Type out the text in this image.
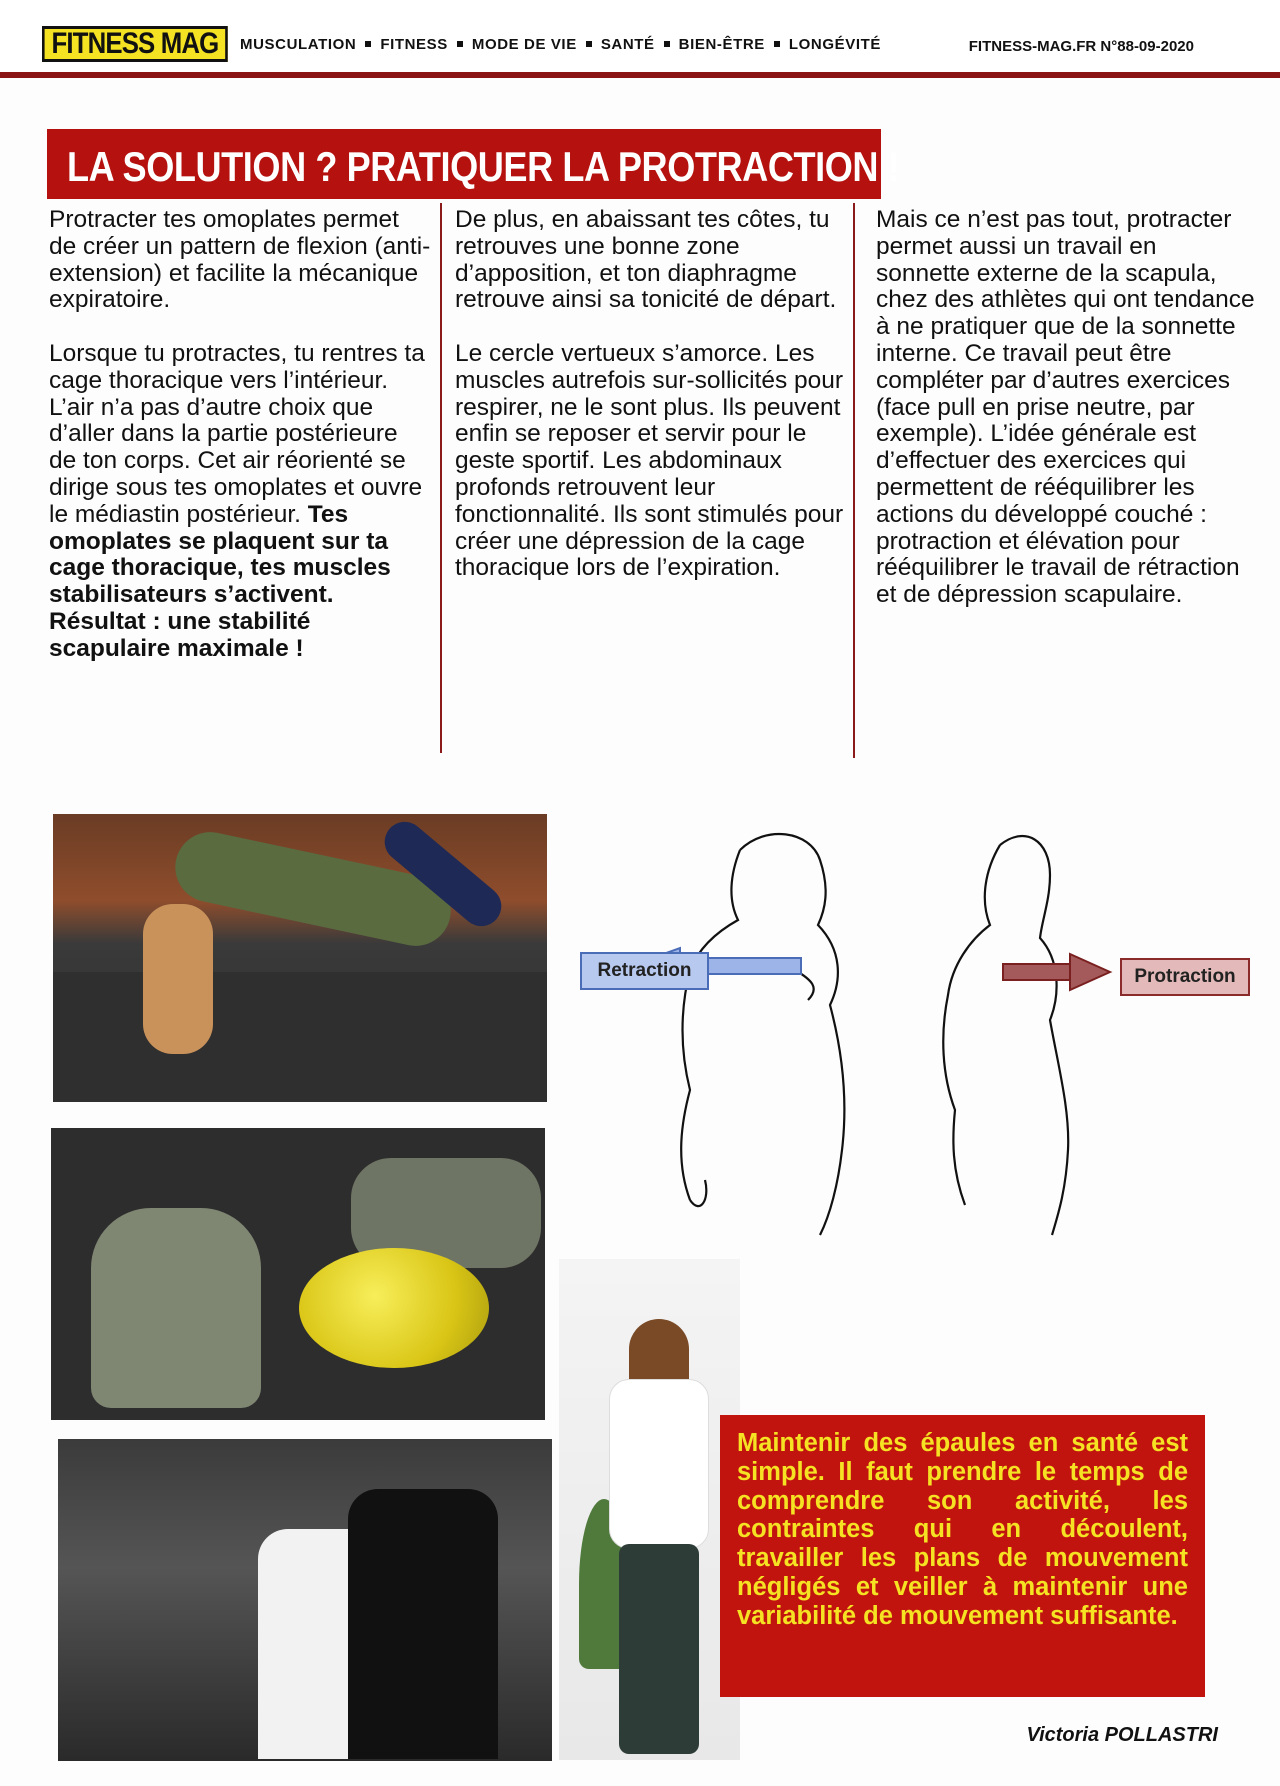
FITNESS MAG	MUSCULATION FITNESS MODE DE VIE SANTÉ BIEN-ÊTRE LONGÉVITÉ	FITNESS-MAG.FR N°88-09-2020
LA SOLUTION ? PRATIQUER LA PROTRACTION !

Protracter tes omoplates permet de créer un pattern de flexion (anti-extension) et facilite la mécanique expiratoire.

Lorsque tu protractes, tu rentres ta cage thoracique vers l’intérieur. L’air n’a pas d’autre choix que d’aller dans la partie postérieure de ton corps. Cet air réorienté se dirige sous tes omoplates et ouvre le médiastin postérieur. Tes omoplates se plaquent sur ta cage thoracique, tes muscles stabilisateurs s’activent. Résultat : une stabilité scapulaire maximale !

De plus, en abaissant tes côtes, tu retrouves une bonne zone d’apposition, et ton diaphragme retrouve ainsi sa tonicité de départ.

Le cercle vertueux s’amorce. Les muscles autrefois sur-sollicités pour respirer, ne le sont plus. Ils peuvent enfin se reposer et servir pour le geste sportif. Les abdominaux profonds retrouvent leur fonctionnalité. Ils sont stimulés pour créer une dépression de la cage thoracique lors de l’expiration.

Mais ce n’est pas tout, protracter permet aussi un travail en sonnette externe de la scapula, chez des athlètes qui ont tendance à ne pratiquer que de la sonnette interne. Ce travail peut être compléter par d’autres exercices (face pull en prise neutre, par exemple). L’idée générale est d’effectuer des exercices qui permettent de rééquilibrer les actions du développé couché : protraction et élévation pour rééquilibrer le travail de rétraction et de dépression scapulaire.

Retraction	Protraction

Maintenir des épaules en santé est simple. Il faut prendre le temps de comprendre son activité, les contraintes qui en découlent, travailler les plans de mouvement négligés et veiller à maintenir une variabilité de mouvement suffisante.

Victoria POLLASTRI
